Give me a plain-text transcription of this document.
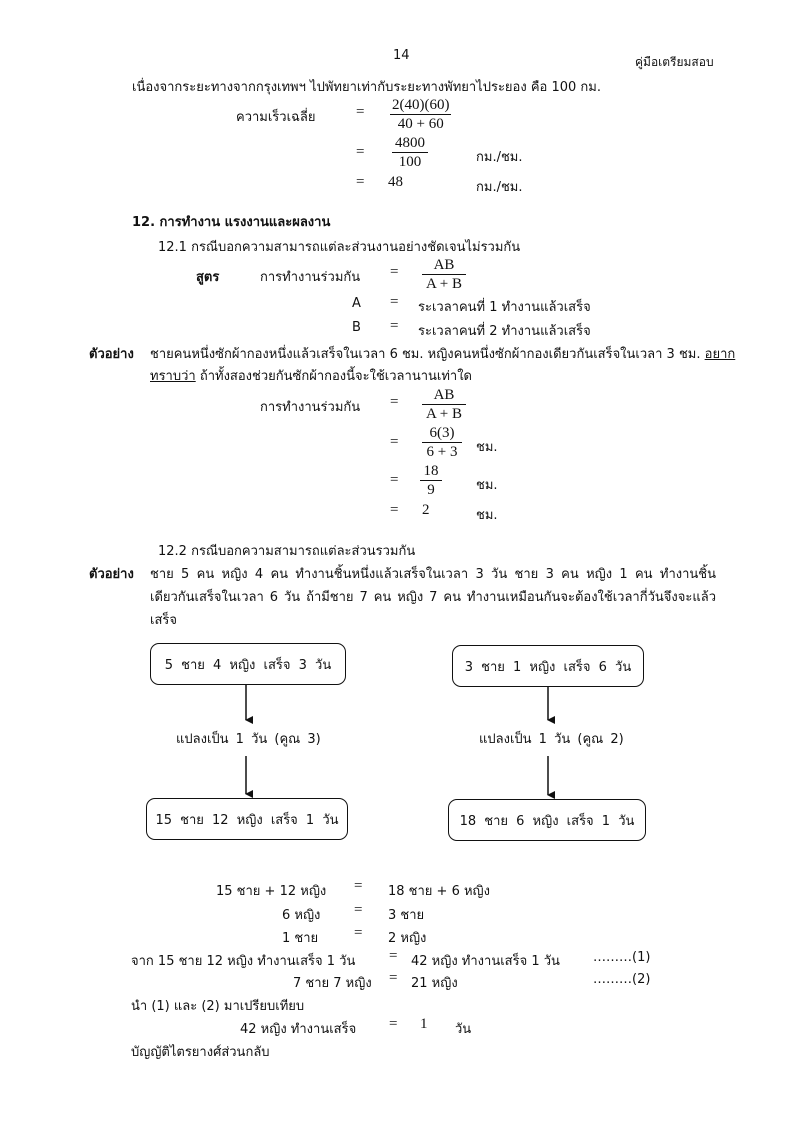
14	คู่มือเตรียมสอบ
เนื่องจากระยะทางจากกรุงเทพฯ ไปพัทยาเท่ากับระยะทางพัทยาไประยอง คือ 100 กม.
ความเร็วเฉลี่ย	= $\frac{2(40)(60)}{40 + 60}$
= $\frac{4800}{100}$	กม./ชม.
= 48	กม./ชม.
12. การทำงาน แรงงานและผลงาน
12.1 กรณีบอกความสามารถแต่ละส่วนงานอย่างชัดเจนไม่รวมกัน
สูตร	การทำงานร่วมกัน = $\frac{AB}{A + B}$
A = ระเวลาคนที่ 1 ทำงานแล้วเสร็จ
B = ระเวลาคนที่ 2 ทำงานแล้วเสร็จ
ตัวอย่าง ชายคนหนึ่งซักผ้ากองหนึ่งแล้วเสร็จในเวลา 6 ชม. หญิงคนหนึ่งซักผ้ากองเดียวกันเสร็จในเวลา 3 ชม. อยาก
ทราบว่า ถ้าทั้งสองช่วยกันซักผ้ากองนี้จะใช้เวลานานเท่าใด
การทำงานร่วมกัน = $\frac{AB}{A + B}$
= $\frac{6(3)}{6 + 3}$ ชม.
= $\frac{18}{9}$	ชม.
= 2	ชม.
12.2 กรณีบอกความสามารถแต่ละส่วนรวมกัน
ตัวอย่าง ชาย 5 คน หญิง 4 คน ทำงานชิ้นหนึ่งแล้วเสร็จในเวลา 3 วัน ชาย 3 คน หญิง 1 คน ทำงานชิ้น
เดียวกันเสร็จในเวลา 6 วัน ถ้ามีชาย 7 คน หญิง 7 คน ทำงานเหมือนกันจะต้องใช้เวลากี่วันจึงจะแล้ว
เสร็จ
5 ชาย 4 หญิง เสร็จ 3 วัน	3 ชาย 1 หญิง เสร็จ 6 วัน
แปลงเป็น 1 วัน (คูณ 3)	แปลงเป็น 1 วัน (คูณ 2)
15 ชาย 12 หญิง เสร็จ 1 วัน	18 ชาย 6 หญิง เสร็จ 1 วัน
15 ชาย + 12 หญิง = 18 ชาย + 6 หญิง
6 หญิง = 3 ชาย
1 ชาย = 2 หญิง
จาก 15 ชาย 12 หญิง ทำงานเสร็จ 1 วัน = 42 หญิง ทำงานเสร็จ 1 วัน	………(1)
7 ชาย 7 หญิง = 21 หญิง	………(2)
นำ (1) และ (2) มาเปรียบเทียบ
42 หญิง ทำงานเสร็จ = 1 วัน
บัญญัติไตรยางศ์ส่วนกลับ
